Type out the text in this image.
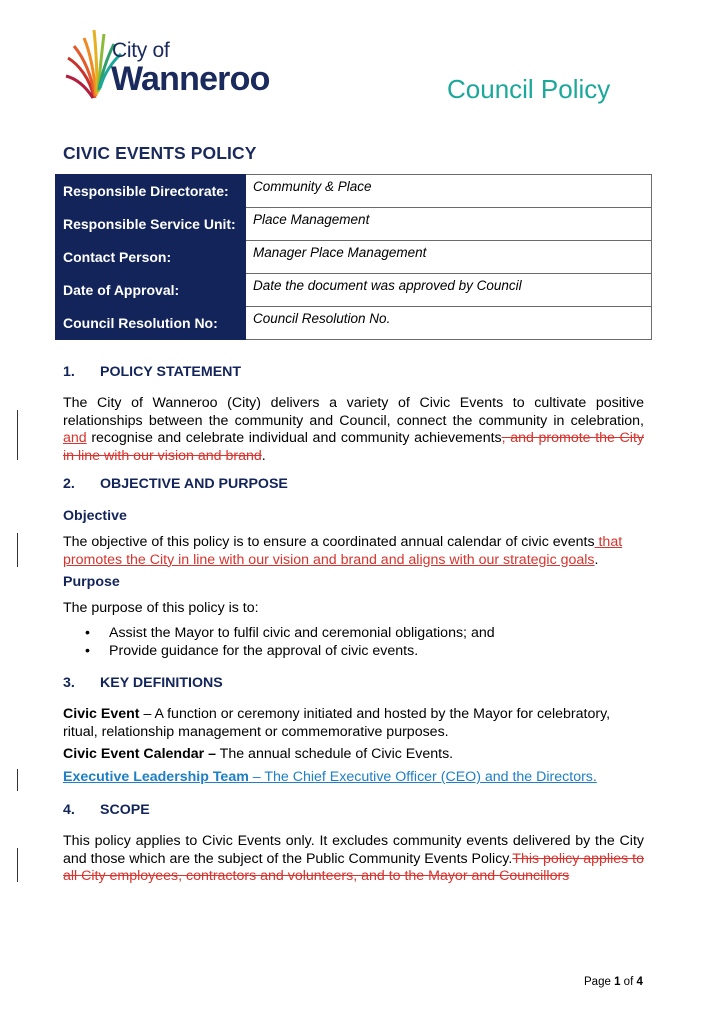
City of
Wanneroo	Council Policy
CIVIC EVENTS POLICY
Responsible Directorate:	Community & Place
Responsible Service Unit:	Place Management
Contact Person:	Manager Place Management
Date of Approval:	Date the document was approved by Council
Council Resolution No:	Council Resolution No.
1. POLICY STATEMENT
The City of Wanneroo (City) delivers a variety of Civic Events to cultivate positive relationships between the community and Council, connect the community in celebration, and recognise and celebrate individual and community achievements, and promote the City in line with our vision and brand.
2. OBJECTIVE AND PURPOSE
Objective
The objective of this policy is to ensure a coordinated annual calendar of civic events that promotes the City in line with our vision and brand and aligns with our strategic goals.
Purpose
The purpose of this policy is to:
• Assist the Mayor to fulfil civic and ceremonial obligations; and
• Provide guidance for the approval of civic events.
3. KEY DEFINITIONS
Civic Event – A function or ceremony initiated and hosted by the Mayor for celebratory, ritual, relationship management or commemorative purposes.
Civic Event Calendar – The annual schedule of Civic Events.
Executive Leadership Team – The Chief Executive Officer (CEO) and the Directors.
4. SCOPE
This policy applies to Civic Events only. It excludes community events delivered by the City and those which are the subject of the Public Community Events Policy.This policy applies to all City employees, contractors and volunteers, and to the Mayor and Councillors
Page 1 of 4
